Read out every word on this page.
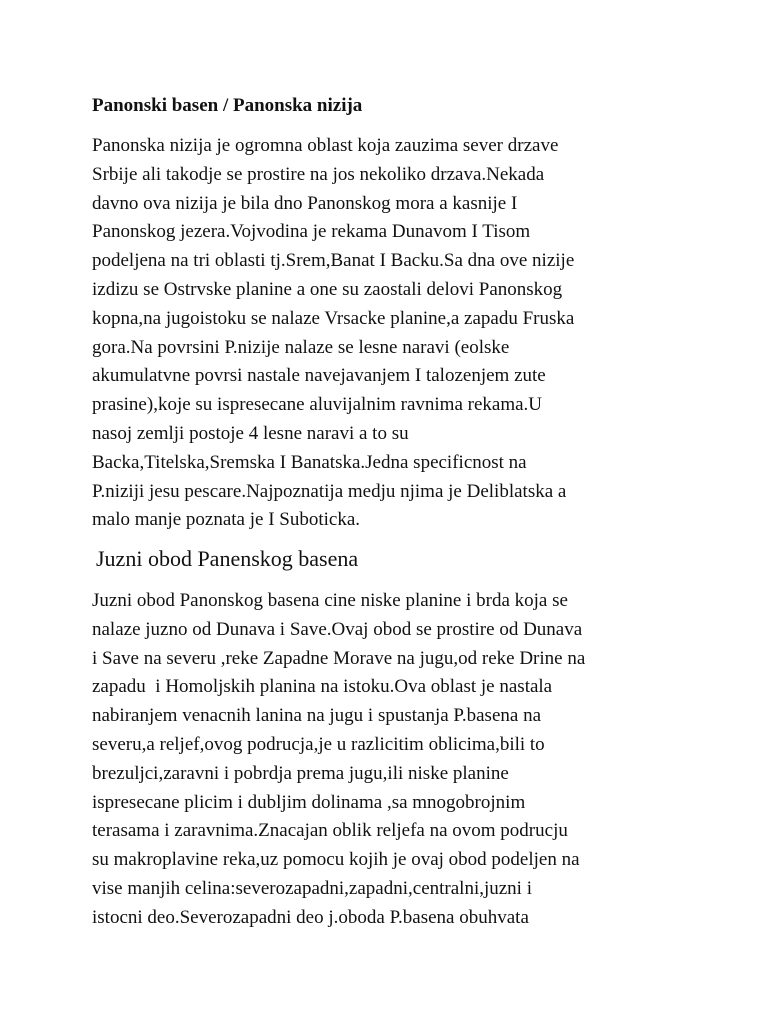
Panonski basen / Panonska nizija
Panonska nizija je ogromna oblast koja zauzima sever drzave
Srbije ali takodje se prostire na jos nekoliko drzava.Nekada
davno ova nizija je bila dno Panonskog mora a kasnije I
Panonskog jezera.Vojvodina je rekama Dunavom I Tisom
podeljena na tri oblasti tj.Srem,Banat I Backu.Sa dna ove nizije
izdizu se Ostrvske planine a one su zaostali delovi Panonskog
kopna,na jugoistoku se nalaze Vrsacke planine,a zapadu Fruska
gora.Na povrsini P.nizije nalaze se lesne naravi (eolske
akumulatvne povrsi nastale navejavanjem I talozenjem zute
prasine),koje su ispresecane aluvijalnim ravnima rekama.U
nasoj zemlji postoje 4 lesne naravi a to su
Backa,Titelska,Sremska I Banatska.Jedna specificnost na
P.niziji jesu pescare.Najpoznatija medju njima je Deliblatska a
malo manje poznata je I Suboticka.
Juzni obod Panenskog basena
Juzni obod Panonskog basena cine niske planine i brda koja se
nalaze juzno od Dunava i Save.Ovaj obod se prostire od Dunava
i Save na severu ,reke Zapadne Morave na jugu,od reke Drine na
zapadu  i Homoljskih planina na istoku.Ova oblast je nastala
nabiranjem venacnih lanina na jugu i spustanja P.basena na
severu,a reljef,ovog podrucja,je u razlicitim oblicima,bili to
brezuljci,zaravni i pobrdja prema jugu,ili niske planine
ispresecane plicim i dubljim dolinama ,sa mnogobrojnim
terasama i zaravnima.Znacajan oblik reljefa na ovom podrucju
su makroplavine reka,uz pomocu kojih je ovaj obod podeljen na
vise manjih celina:severozapadni,zapadni,centralni,juzni i
istocni deo.Severozapadni deo j.oboda P.basena obuhvata
